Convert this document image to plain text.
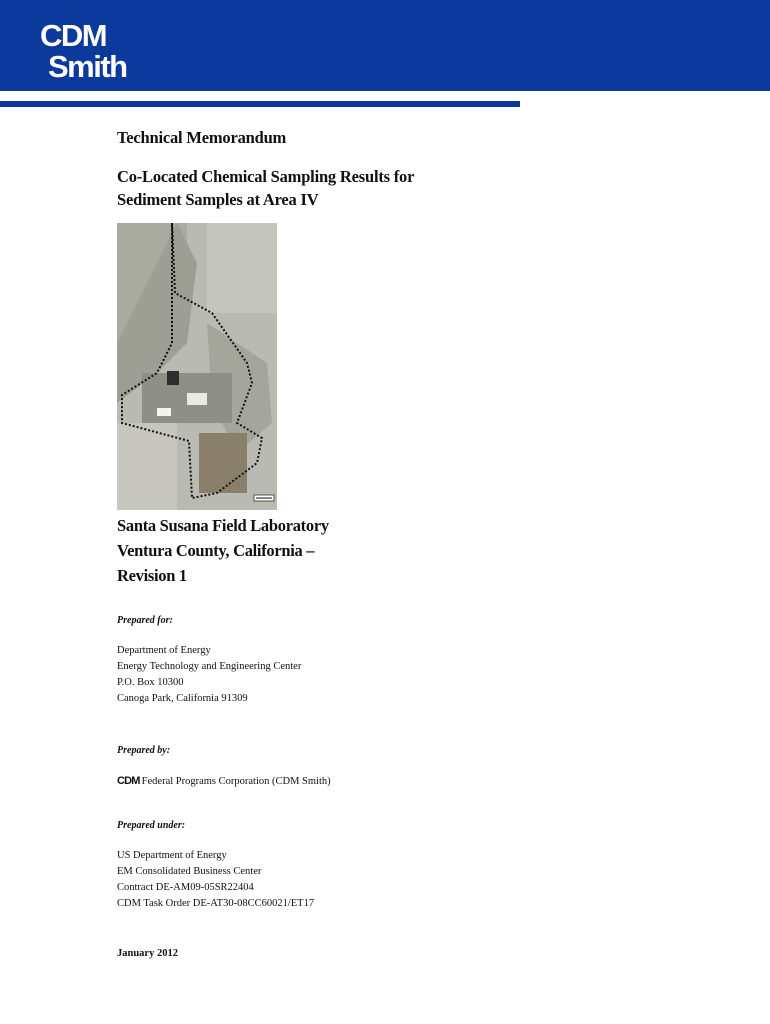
CDM
Smith

Technical Memorandum

Co-Located Chemical Sampling Results for
Sediment Samples at Area IV

Santa Susana Field Laboratory
Ventura County, California –
Revision 1
Prepared for:
Department of Energy
Energy Technology and Engineering Center
P.O. Box 10300
Canoga Park, California 91309
Prepared by:
CDM Federal Programs Corporation (CDM Smith)
Prepared under:
US Department of Energy
EM Consolidated Business Center
Contract DE-AM09-05SR22404
CDM Task Order DE-AT30-08CC60021/ET17
January 2012
